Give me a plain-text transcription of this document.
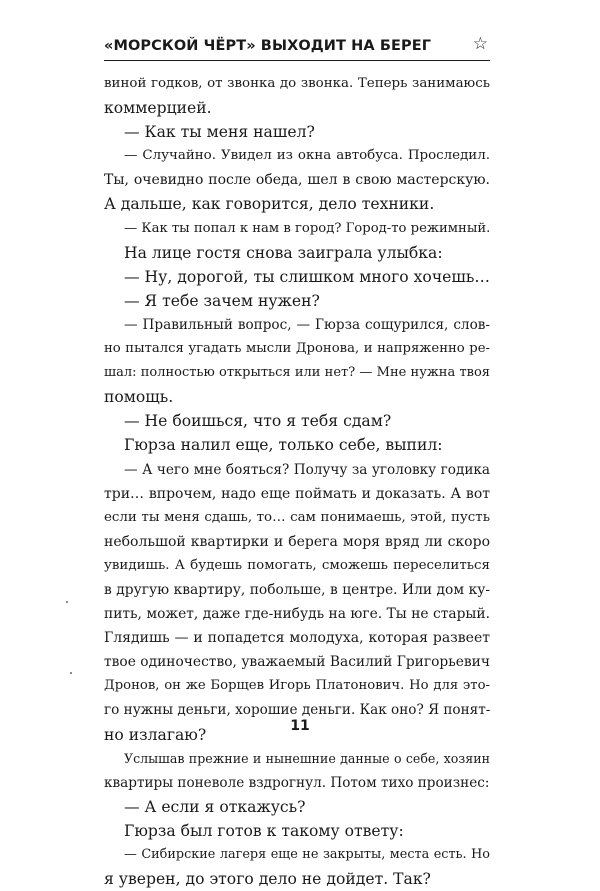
«МОРСКОЙ ЧЁРТ» ВЫХОДИТ НА БЕРЕГ ☆
виной годков, от звонка до звонка. Теперь занимаюсь
коммерцией.
— Как ты меня нашел?
— Случайно. Увидел из окна автобуса. Проследил.
Ты, очевидно после обеда, шел в свою мастерскую.
А дальше, как говорится, дело техники.
— Как ты попал к нам в город? Город-то режимный.
На лице гостя снова заиграла улыбка:
— Ну, дорогой, ты слишком много хочешь…
— Я тебе зачем нужен?
— Правильный вопрос, — Гюрза сощурился, слов-
но пытался угадать мысли Дронова, и напряженно ре-
шал: полностью открыться или нет? — Мне нужна твоя
помощь.
— Не боишься, что я тебя сдам?
Гюрза налил еще, только себе, выпил:
— А чего мне бояться? Получу за уголовку годика
три… впрочем, надо еще поймать и доказать. А вот
если ты меня сдашь, то… сам понимаешь, этой, пусть
небольшой квартирки и берега моря вряд ли скоро
увидишь. А будешь помогать, сможешь переселиться
в другую квартиру, побольше, в центре. Или дом ку-
пить, может, даже где-нибудь на юге. Ты не старый.
Глядишь — и попадется молодуха, которая развеет
твое одиночество, уважаемый Василий Григорьевич
Дронов, он же Борщев Игорь Платонович. Но для это-
го нужны деньги, хорошие деньги. Как оно? Я понят-
но излагаю?
Услышав прежние и нынешние данные о себе, хозяин
квартиры поневоле вздрогнул. Потом тихо произнес:
— А если я откажусь?
Гюрза был готов к такому ответу:
— Сибирские лагеря еще не закрыты, места есть. Но
я уверен, до этого дело не дойдет. Так?
11
